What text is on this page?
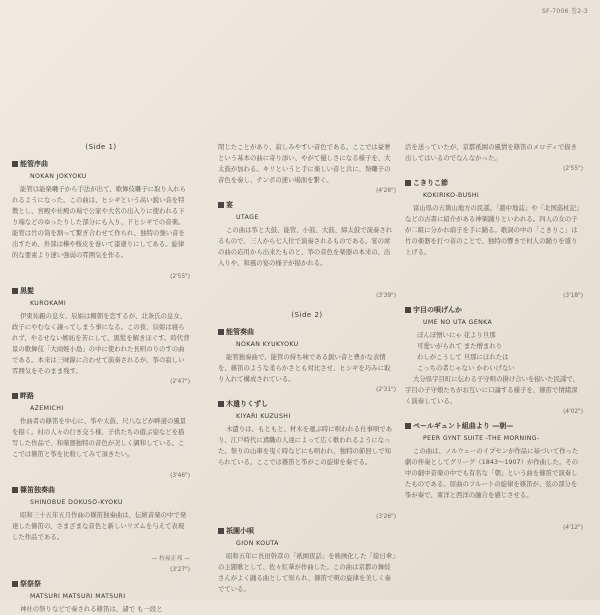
SF-7006 巻2-3
(Side 1)
能管序曲
NOKAN JOKYOKU
能管は能楽囃子から手法が出て、歌舞伎囃子に取り入れられるようになった。この曲は、ヒシギという高い鋭い音を特徴とし、宮殿や社殿の場で公家や大名の出入りに使われる下り端などのゆったりした部分にも入り、ドヒシギでの音楽。能管は竹の筒を割って繋ぎ合わせて作られ、独特の強い音を出すため、外部は樺や桜皮を巻いて漆塗りにしてある。旋律的な要素より速い強弱の雰囲気を作る。
(2'55")
黒髪
KUROKAMI
伊東祐親の息女、辰姫は頼朝を恋するが、北条氏の息女、政子にやむなく譲ってしまう事になる。この夜、辰姫は寝られず、やるせない嫉妬を苦にして、黒髪を解きほぐす。時代背景の歌舞伎「大商蛭小島」の中に使われた長唄のりのすの曲である。本来は三味線に合わせて演奏されるが、筝の寂しい雰囲気をそのまま残す。
(2'47")
畔路
AZEMICHI
作曲者の篠笛を中心に、筝や太鼓、尺八などが畔道の風景を描く。村の人々の行き交う様、子供たちの遊ぶ姿などを描写した作品で、和楽器独特の音色が美しく調和している。ここでは篠笛と筝を比較してみて頂きたい。
(3'46")
篠笛独奏曲
SHINOBUE DOKUSO-KYOKU
昭和三十五年五月作曲の篠笛独奏曲は、伝統音楽の中で発達した篠笛の、さまざまな音色と新しいリズムを与えて表現した作品である。
— 杵屋正邦 —
(3'27")
祭祭祭
MATSURI MATSURI MATSURI
神社の祭りなどで奏される篠笛は、諸で も一段と
閉じたことがあり、寂しみやすい音色である。ここでは豪奢という基本の曲に寄り添い、やがて優しさになる様子を、大太鼓が加わる。キリというと手に楽しい音と共に、祭囃子の音色を奏し、テンポの速い場面を繋ぐ。
(4'28")
宴
UTAGE
この曲は筝と大鼓、能管、小鼓、大鼓、締太鼓で演奏されるもので、三人から七人位で演奏されるものである。宴の席の曲の応用から出来たものと、筝の音色を楽器の本来の、出入りや、和風の宴の様子が描かれる。
(3'39")
(Side 2)
能管奏曲
NOKAN KYUKYOKU
能管独奏曲で、能管の持ち味である鋭い音と豊かな表情を、篠笛のような柔らかさとも対比させ、ヒシギを巧みに取り入れて構成されている。
(2'31")
木遣りくずし
KIYARI KUZUSHI
木遣りは、もともと、材木を運ぶ時に唄われる仕事唄であり、江戸時代に鳶職の人達によって広く歌われるようになった。祭りの山車を曳く時などにも唄われ、独特の節回しで知られている。ここでは篠笛と筝がこの旋律を奏でる。
(3'26")
祇園小唄
GION KOUTA
昭和五年に長田幹彦の「祇園夜話」を映画化した「絵日傘」の主題歌として、佐々紅華が作曲した。この曲は京都の舞妓さんがよく踊る曲として知られ、篠笛で唄の旋律を美しく奏でている。
活を送っていたが、京都祇園の風情を篠笛のメロディで描き出してはいるのでなんなかった。
(2'55")
こきりこ節
KOKIRIKO-BUSHI
富山県の五箇山地方の民謡。「越中地誌」や「北国巡杖記」などの古書に紹介がある神楽踊りといわれる。四人の女の子が二組に分かれ扇子を手に踊る。歌詞の中の「こきりこ」は竹の楽器を打つ音のことで、独特の響きで村人の踊りを盛り上げる。
(3'18")
宇目の唄げんか
UME NO UTA GENKA
ぼんぼ憎いにゃ 花より旦那
可愛いがられて また憎まれり
わしがこうして 旦那にほれたは
こっちの者じゃない かわいげない
大分県宇目町に伝わる子守唄の掛け合いを描いた民謡で、宇目の子守娘たちがお互いに口論する様子を、篠笛で情緒深く演奏している。
(4'02")
ペールギュント組曲より —朝—
PEER GYNT SUITE -THE MORNING-
この曲は、ノルウェーのイプセンが作品に基づいて作った劇の伴奏としてグリーグ（1843〜1907）が作曲した。その中の劇中音楽の中でも有名な「朝」という曲を篠笛で演奏したものである。原曲のフルートの旋律を篠笛が、弦の部分を筝が奏で、東洋と西洋の融合を感じさせる。
(4'12")
